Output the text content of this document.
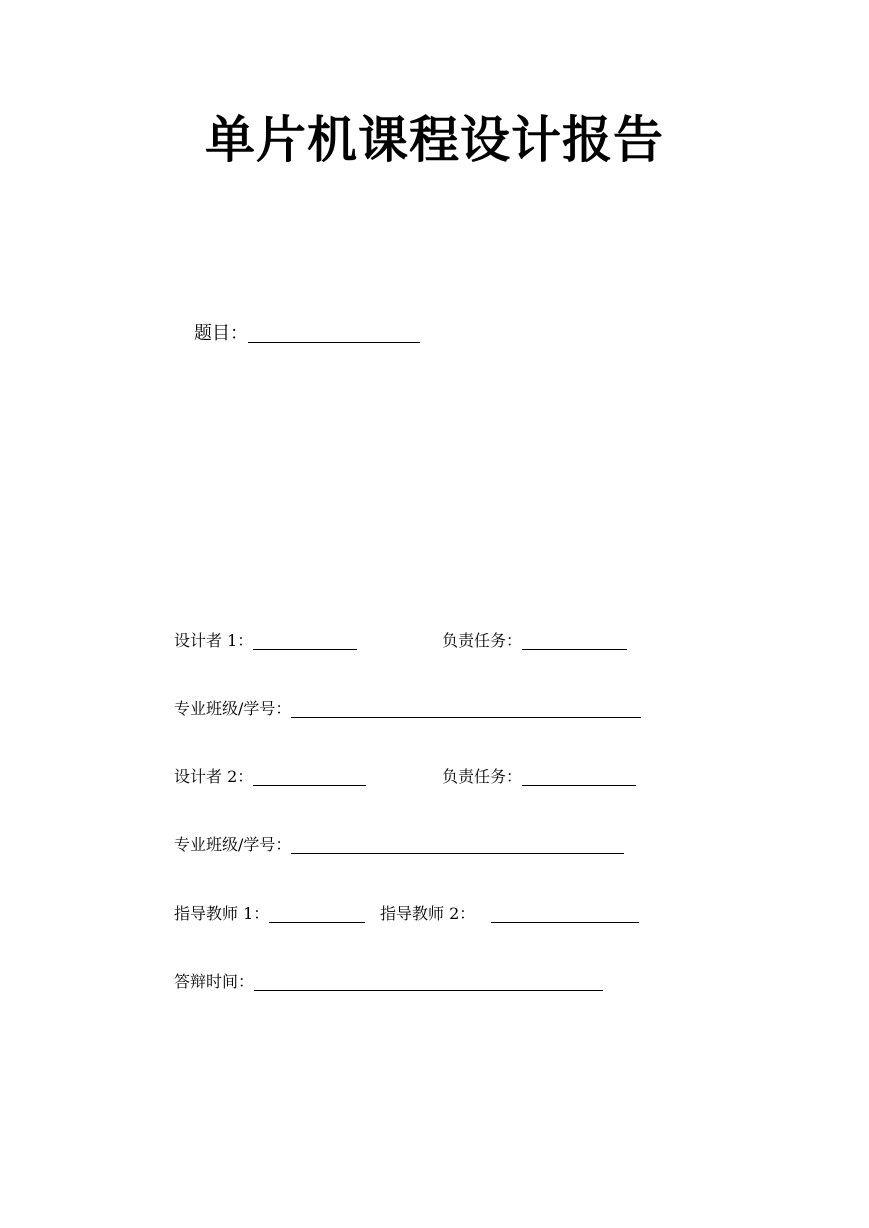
单片机课程设计报告
题目：
设计者 1：	负责任务：
专业班级/学号：
设计者 2：	负责任务：
专业班级/学号：
指导教师 1：	指导教师 2：
答辩时间：
